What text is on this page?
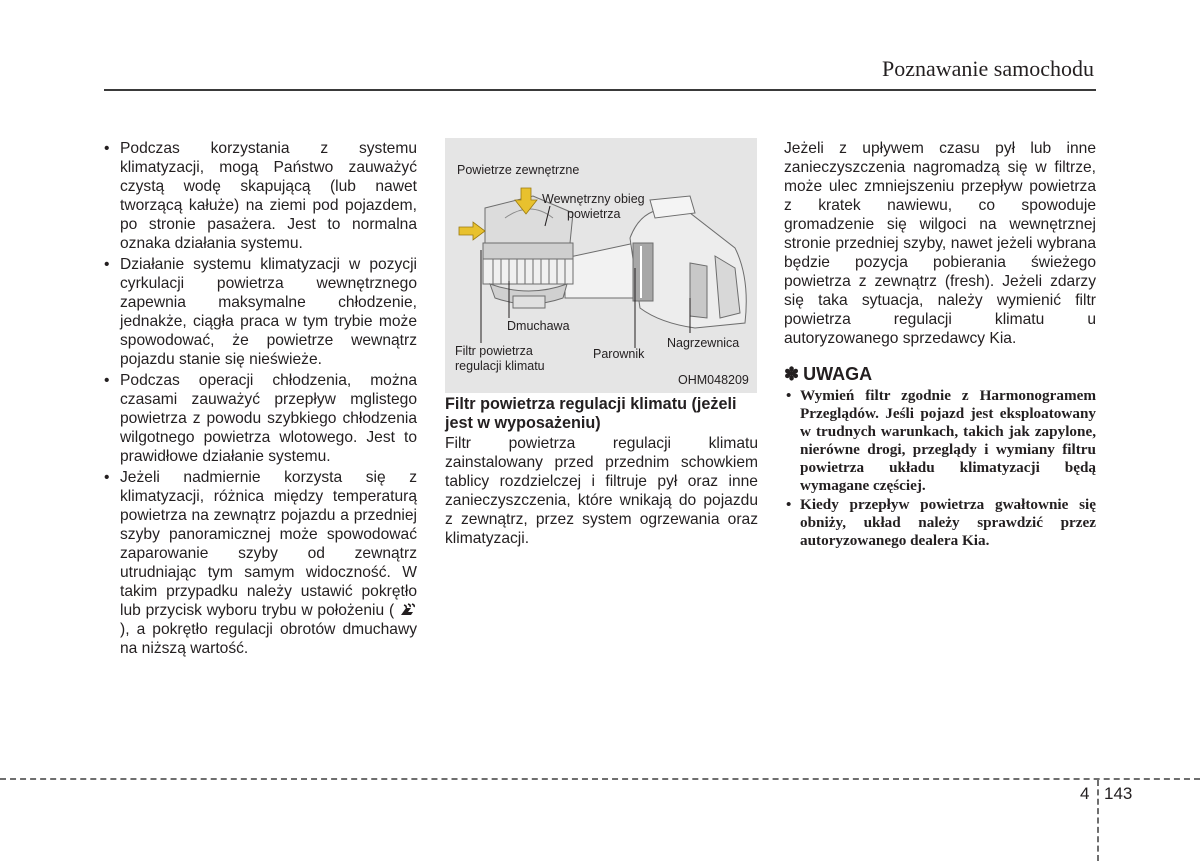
Poznawanie samochodu
• Podczas korzystania z systemu klimatyzacji, mogą Państwo zauważyć czystą wodę skapującą (lub nawet tworzącą kałuże) na ziemi pod pojazdem, po stronie pasażera. Jest to normalna oznaka działania systemu.
• Działanie systemu klimatyzacji w pozycji cyrkulacji powietrza wewnętrznego zapewnia maksymalne chłodzenie, jednakże, ciągła praca w tym trybie może spowodować, że powietrze wewnątrz pojazdu stanie się nieświeże.
• Podczas operacji chłodzenia, można czasami zauważyć przepływ mglistego powietrza z powodu szybkiego chłodzenia wilgotnego powietrza wlotowego. Jest to prawidłowe działanie systemu.
• Jeżeli nadmiernie korzysta się z klimatyzacji, różnica między temperaturą powietrza na zewnątrz pojazdu a przedniej szyby panoramicznej może spowodować zaparowanie szyby od zewnątrz utrudniając tym samym widoczność. W takim przypadku należy ustawić pokrętło lub przycisk wyboru trybu w położeniu (  ), a pokrętło regulacji obrotów dmuchawy na niższą wartość.
Powietrze zewnętrzne
Wewnętrzny obieg
powietrza
Dmuchawa
Filtr powietrza
regulacji klimatu
Parownik
Nagrzewnica
OHM048209
Filtr powietrza regulacji klimatu (jeżeli jest w wyposażeniu)
Filtr powietrza regulacji klimatu zainstalowany przed przednim schowkiem tablicy rozdzielczej i filtruje pył oraz inne zanieczyszczenia, które wnikają do pojazdu z zewnątrz, przez system ogrzewania oraz klimatyzacji.
Jeżeli z upływem czasu pył lub inne zanieczyszczenia nagromadzą się w filtrze, może ulec zmniejszeniu przepływ powietrza z kratek nawiewu, co spowoduje gromadzenie się wilgoci na wewnętrznej stronie przedniej szyby, nawet jeżeli wybrana będzie pozycja pobierania świeżego powietrza z zewnątrz (fresh). Jeżeli zdarzy się taka sytuacja, należy wymienić filtr powietrza regulacji klimatu u autoryzowanego sprzedawcy Kia.
✽ UWAGA
• Wymień filtr zgodnie z Harmonogramem Przeglądów. Jeśli pojazd jest eksploatowany w trudnych warunkach, takich jak zapylone, nierówne drogi, przeglądy i wymiany filtru powietrza układu klimatyzacji będą wymagane częściej.
• Kiedy przepływ powietrza gwałtownie się obniży, układ należy sprawdzić przez autoryzowanego dealera Kia.
4 143
